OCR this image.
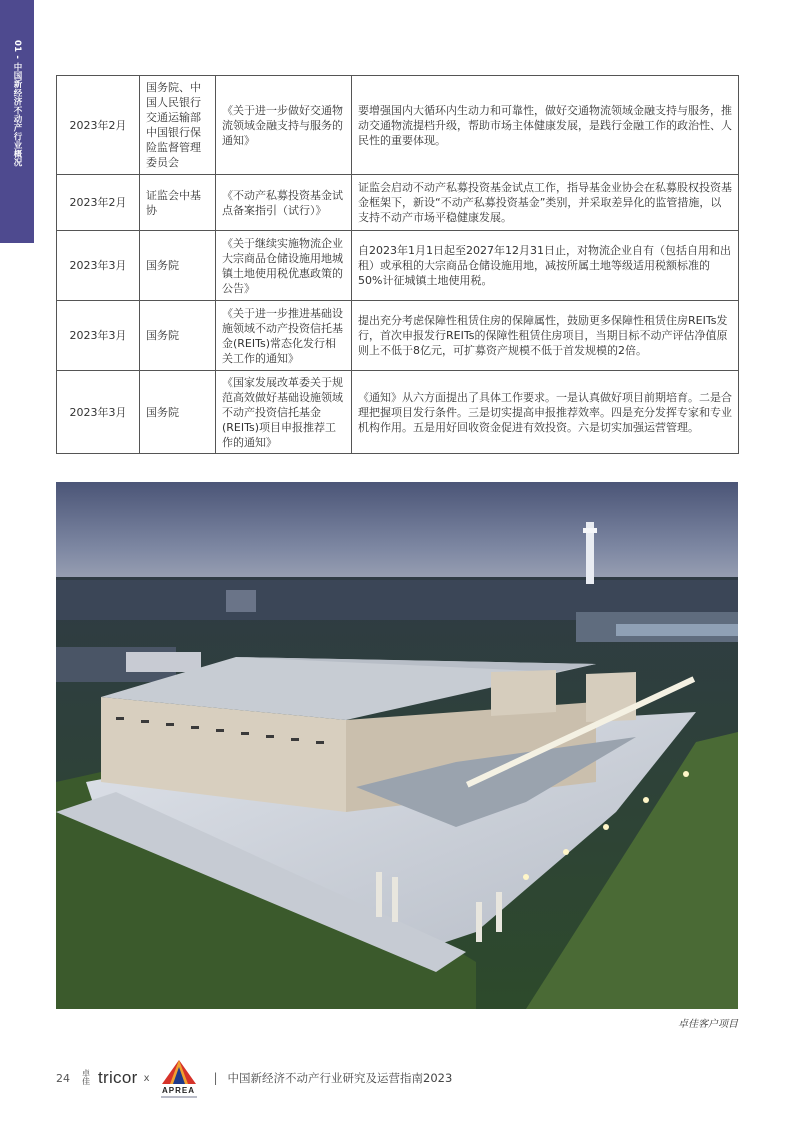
01 - 中国新经济不动产行业概况	2023年2月	国务院、中国人民银行交通运输部中国银行保险监督管理委员会	《关于进一步做好交通物流领域金融支持与服务的通知》	要增强国内大循环内生动力和可靠性，做好交通物流领域金融支持与服务，推动交通物流提档升级，帮助市场主体健康发展，是践行金融工作的政治性、人民性的重要体现。
2023年2月	证监会中基协	《不动产私募投资基金试点备案指引（试行）》	证监会启动不动产私募投资基金试点工作，指导基金业协会在私募股权投资基金框架下，新设“不动产私募投资基金”类别，并采取差异化的监管措施，以支持不动产市场平稳健康发展。
2023年3月	国务院	《关于继续实施物流企业大宗商品仓储设施用地城镇土地使用税优惠政策的公告》	自2023年1月1日起至2027年12月31日止，对物流企业自有（包括自用和出租）或承租的大宗商品仓储设施用地，减按所属土地等级适用税额标准的50%计征城镇土地使用税。
2023年3月	国务院	《关于进一步推进基础设施领域不动产投资信托基金(REITs)常态化发行相关工作的通知》	提出充分考虑保障性租赁住房的保障属性，鼓励更多保障性租赁住房REITs发行，首次申报发行REITs的保障性租赁住房项目，当期目标不动产评估净值原则上不低于8亿元，可扩募资产规模不低于首发规模的2倍。
2023年3月	国务院	《国家发展改革委关于规范高效做好基础设施领域不动产投资信托基金(REITs)项目申报推荐工作的通知》	《通知》从六方面提出了具体工作要求。一是认真做好项目前期培育。二是合理把握项目发行条件。三是切实提高申报推荐效率。四是充分发挥专家和专业机构作用。五是用好回收资金促进有效投资。六是切实加强运营管理。
卓佳客户项目
24	卓佳 tricor x
APREA
| 中国新经济不动产行业研究及运营指南2023
